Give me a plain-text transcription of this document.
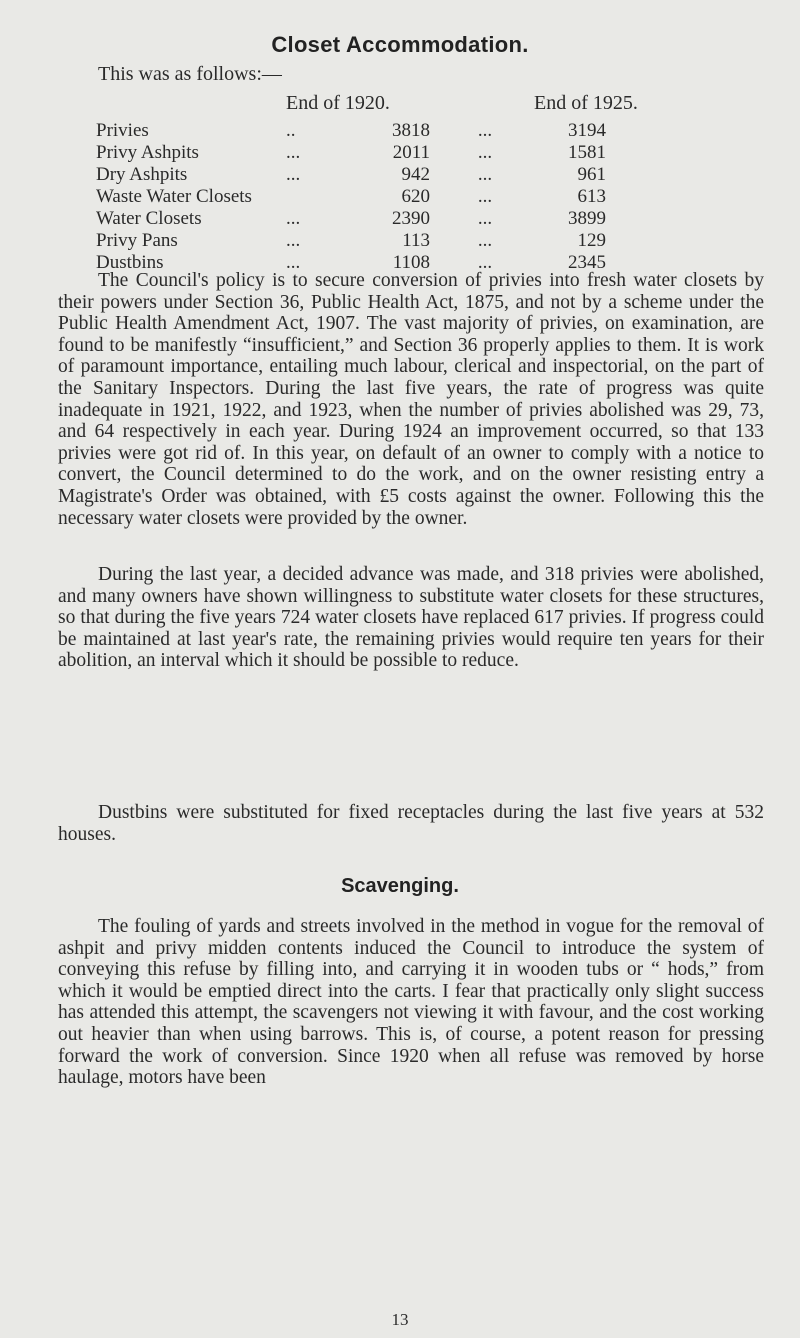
Closet Accommodation.
This was as follows:—
End of 1920.	End of 1925.
Privies	..	3818	...	3194
Privy Ashpits	...	2011	...	1581
Dry Ashpits	...	942	...	961
Waste Water Closets		620	...	613
Water Closets	...	2390	...	3899
Privy Pans	...	113	...	129
Dustbins	...	1108	...	2345

The Council's policy is to secure conversion of privies into fresh water closets by their powers under Section 36, Public Health Act, 1875, and not by a scheme under the Public Health Amendment Act, 1907. The vast majority of privies, on examination, are found to be manifestly “insufficient,” and Section 36 properly applies to them. It is work of paramount importance, entailing much labour, clerical and inspectorial, on the part of the Sanitary Inspectors. During the last five years, the rate of progress was quite inadequate in 1921, 1922, and 1923, when the number of privies abolished was 29, 73, and 64 respectively in each year. During 1924 an improvement occurred, so that 133 privies were got rid of. In this year, on default of an owner to comply with a notice to convert, the Council determined to do the work, and on the owner resisting entry a Magistrate's Order was obtained, with £5 costs against the owner. Following this the necessary water closets were provided by the owner.

During the last year, a decided advance was made, and 318 privies were abolished, and many owners have shown willingness to substitute water closets for these structures, so that during the five years 724 water closets have replaced 617 privies. If progress could be maintained at last year's rate, the remaining privies would require ten years for their abolition, an interval which it should be possible to reduce.

Dustbins were substituted for fixed receptacles during the last five years at 532 houses.

Scavenging.

The fouling of yards and streets involved in the method in vogue for the removal of ashpit and privy midden contents induced the Council to introduce the system of conveying this refuse by filling into, and carrying it in wooden tubs or “ hods,” from which it would be emptied direct into the carts. I fear that practically only slight success has attended this attempt, the scavengers not viewing it with favour, and the cost working out heavier than when using barrows. This is, of course, a potent reason for pressing forward the work of conversion. Since 1920 when all refuse was removed by horse haulage, motors have been

13
